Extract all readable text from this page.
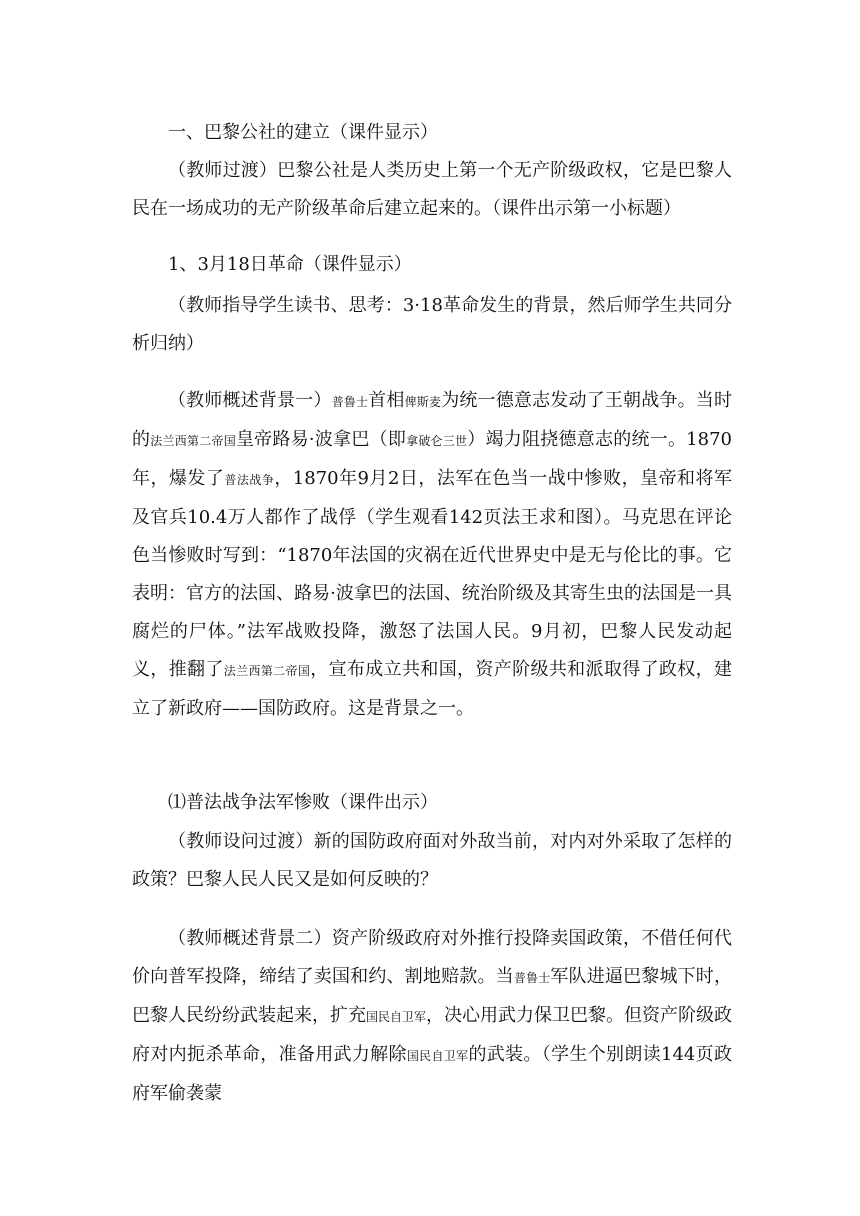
一、巴黎公社的建立（课件显示）

（教师过渡）巴黎公社是人类历史上第一个无产阶级政权，它是巴黎人民在一场成功的无产阶级革命后建立起来的。（课件出示第一小标题）

1、3月18日革命（课件显示）

（教师指导学生读书、思考：3·18革命发生的背景，然后师学生共同分析归纳）

（教师概述背景一）普鲁士首相俾斯麦为统一德意志发动了王朝战争。当时的法兰西第二帝国皇帝路易·波拿巴（即拿破仑三世）竭力阻挠德意志的统一。1870年，爆发了普法战争，1870年9月2日，法军在色当一战中惨败，皇帝和将军及官兵10.4万人都作了战俘（学生观看142页法王求和图）。马克思在评论色当惨败时写到：“1870年法国的灾祸在近代世界史中是无与伦比的事。它表明：官方的法国、路易·波拿巴的法国、统治阶级及其寄生虫的法国是一具腐烂的尸体。”法军战败投降，激怒了法国人民。9月初，巴黎人民发动起义，推翻了法兰西第二帝国，宣布成立共和国，资产阶级共和派取得了政权，建立了新政府——国防政府。这是背景之一。

⑴普法战争法军惨败（课件出示）

（教师设问过渡）新的国防政府面对外敌当前，对内对外采取了怎样的政策？巴黎人民人民又是如何反映的？

（教师概述背景二）资产阶级政府对外推行投降卖国政策，不借任何代价向普军投降，缔结了卖国和约、割地赔款。当普鲁士军队进逼巴黎城下时，巴黎人民纷纷武装起来，扩充国民自卫军，决心用武力保卫巴黎。但资产阶级政府对内扼杀革命，准备用武力解除国民自卫军的武装。（学生个别朗读144页政府军偷袭蒙
